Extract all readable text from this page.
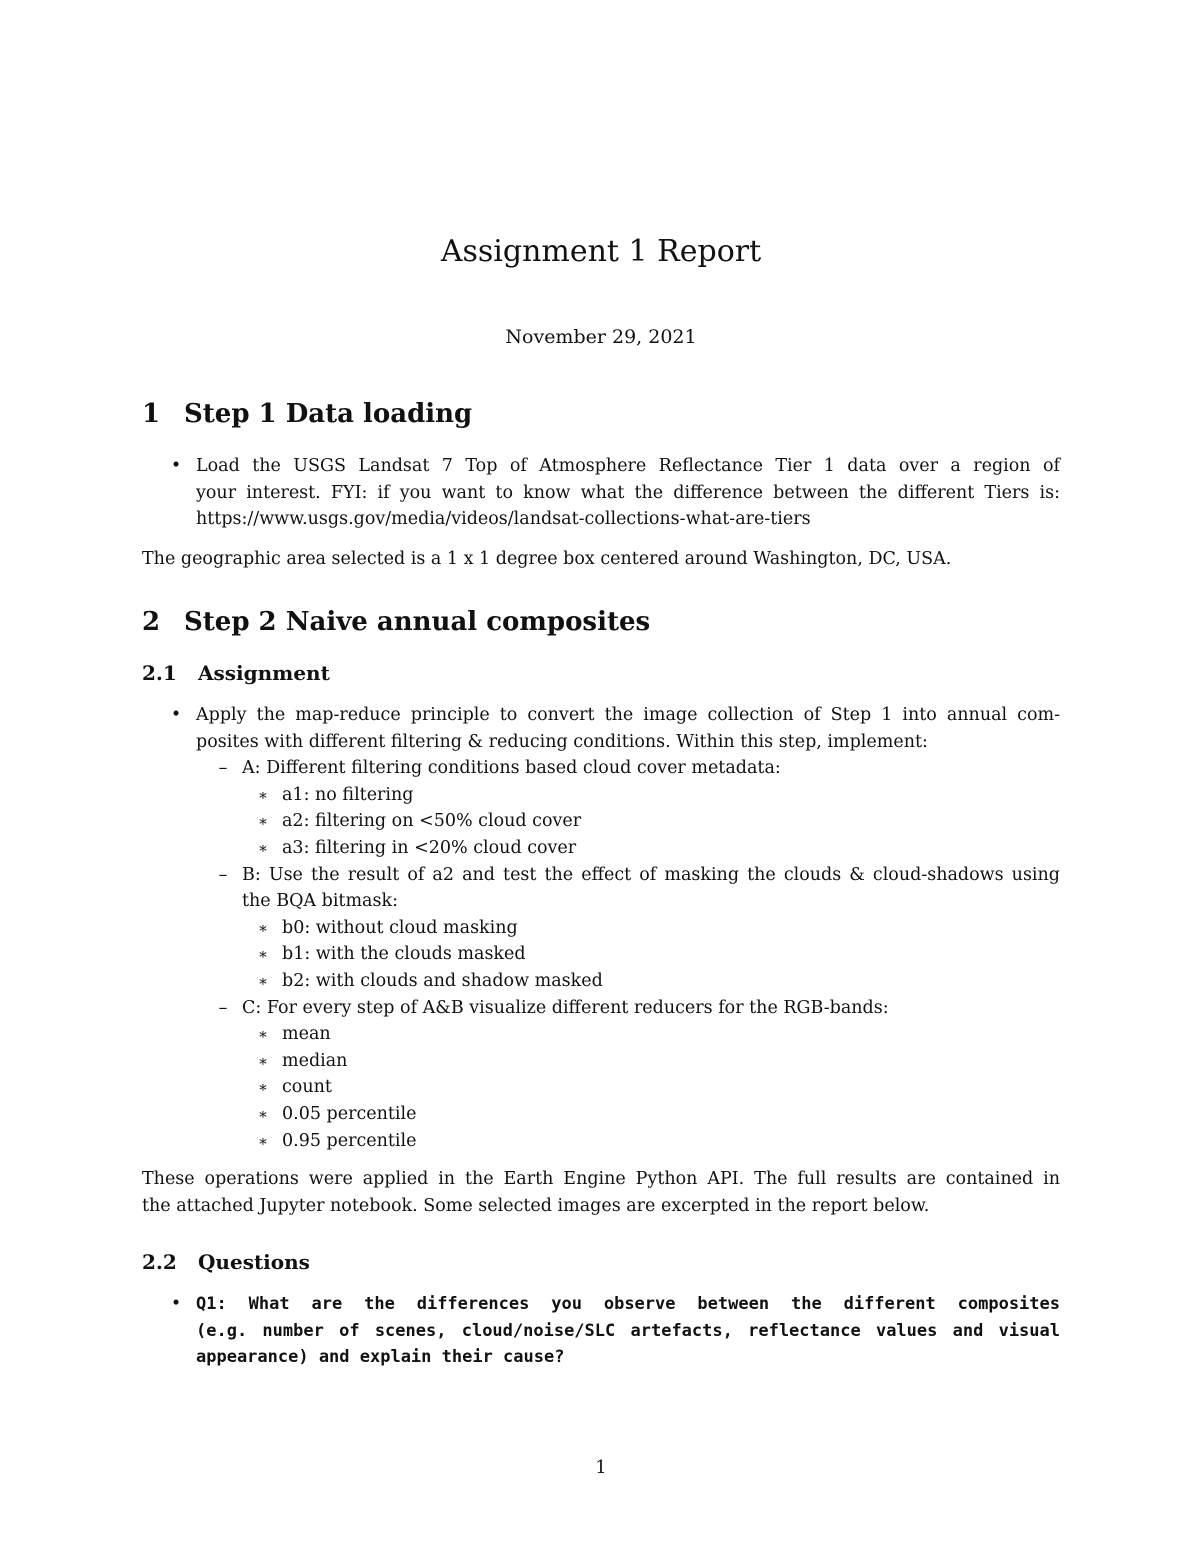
Assignment 1 Report
November 29, 2021
1 Step 1 Data loading
• Load the USGS Landsat 7 Top of Atmosphere Reflectance Tier 1 data over a region of
your interest. FYI: if you want to know what the difference between the different Tiers is:
https://www.usgs.gov/media/videos/landsat-collections-what-are-tiers
The geographic area selected is a 1 x 1 degree box centered around Washington, DC, USA.
2 Step 2 Naive annual composites
2.1 Assignment
• Apply the map-reduce principle to convert the image collection of Step 1 into annual com-
posites with different filtering & reducing conditions. Within this step, implement:
– A: Different filtering conditions based cloud cover metadata:
∗ a1: no filtering
∗ a2: filtering on <50% cloud cover
∗ a3: filtering in <20% cloud cover
– B: Use the result of a2 and test the effect of masking the clouds & cloud-shadows using
the BQA bitmask:
∗ b0: without cloud masking
∗ b1: with the clouds masked
∗ b2: with clouds and shadow masked
– C: For every step of A&B visualize different reducers for the RGB-bands:
∗ mean
∗ median
∗ count
∗ 0.05 percentile
∗ 0.95 percentile
These operations were applied in the Earth Engine Python API. The full results are contained in
the attached Jupyter notebook. Some selected images are excerpted in the report below.
2.2 Questions
• Q1: What are the differences you observe between the different composites
(e.g. number of scenes, cloud/noise/SLC artefacts, reflectance values and visual
appearance) and explain their cause?
1
